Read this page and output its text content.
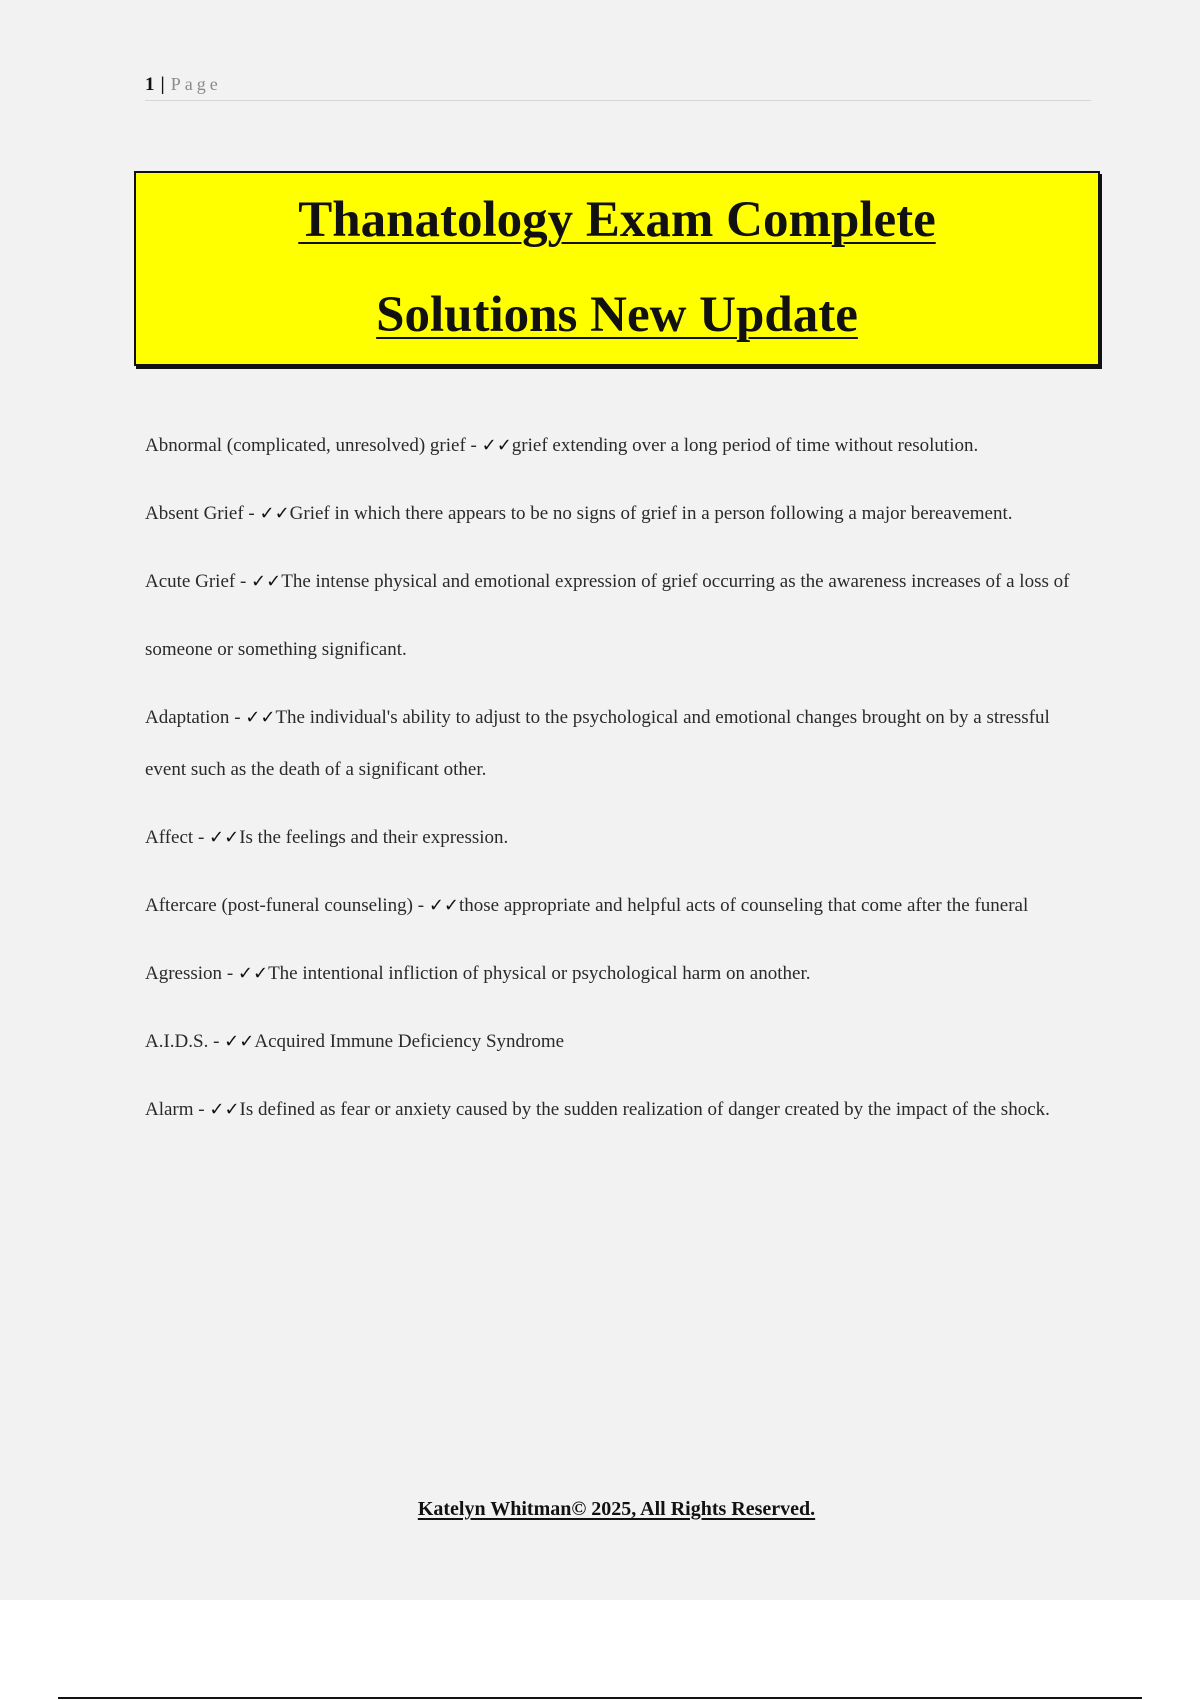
1 | Page
Thanatology Exam Complete
Solutions New Update

Abnormal (complicated, unresolved) grief - ✓✓grief extending over a long period of time without resolution.

Absent Grief - ✓✓Grief in which there appears to be no signs of grief in a person following a major bereavement.

Acute Grief - ✓✓The intense physical and emotional expression of grief occurring as the awareness increases of a loss of

someone or something significant.

Adaptation - ✓✓The individual's ability to adjust to the psychological and emotional changes brought on by a stressful event such as the death of a significant other.

Affect - ✓✓Is the feelings and their expression.

Aftercare (post-funeral counseling) - ✓✓those appropriate and helpful acts of counseling that come after the funeral

Agression - ✓✓The intentional infliction of physical or psychological harm on another.

A.I.D.S. - ✓✓Acquired Immune Deficiency Syndrome

Alarm - ✓✓Is defined as fear or anxiety caused by the sudden realization of danger created by the impact of the shock.

Katelyn Whitman© 2025, All Rights Reserved.
